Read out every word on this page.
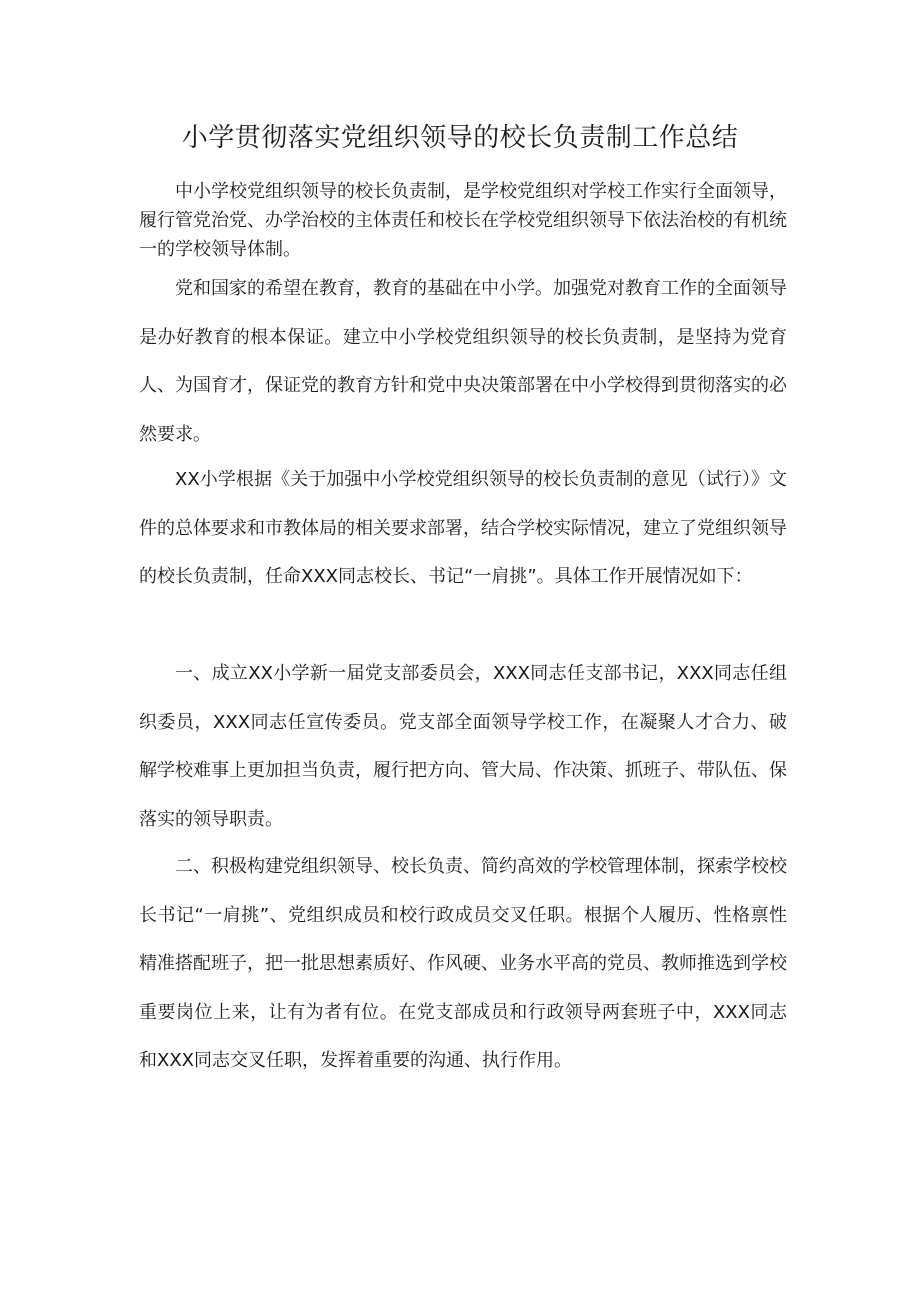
小学贯彻落实党组织领导的校长负责制工作总结

中小学校党组织领导的校长负责制，是学校党组织对学校工作实行全面领导，履行管党治党、办学治校的主体责任和校长在学校党组织领导下依法治校的有机统一的学校领导体制。

党和国家的希望在教育，教育的基础在中小学。加强党对教育工作的全面领导是办好教育的根本保证。建立中小学校党组织领导的校长负责制，是坚持为党育人、为国育才，保证党的教育方针和党中央决策部署在中小学校得到贯彻落实的必然要求。

XX小学根据《关于加强中小学校党组织领导的校长负责制的意见（试行）》文件的总体要求和市教体局的相关要求部署，结合学校实际情况，建立了党组织领导的校长负责制，任命XXX同志校长、书记“一肩挑”。具体工作开展情况如下：

一、成立XX小学新一届党支部委员会，XXX同志任支部书记，XXX同志任组织委员，XXX同志任宣传委员。党支部全面领导学校工作，在凝聚人才合力、破解学校难事上更加担当负责，履行把方向、管大局、作决策、抓班子、带队伍、保落实的领导职责。

二、积极构建党组织领导、校长负责、简约高效的学校管理体制，探索学校校长书记“一肩挑”、党组织成员和校行政成员交叉任职。根据个人履历、性格禀性精准搭配班子，把一批思想素质好、作风硬、业务水平高的党员、教师推选到学校重要岗位上来，让有为者有位。在党支部成员和行政领导两套班子中，XXX同志和XXX同志交叉任职，发挥着重要的沟通、执行作用。
